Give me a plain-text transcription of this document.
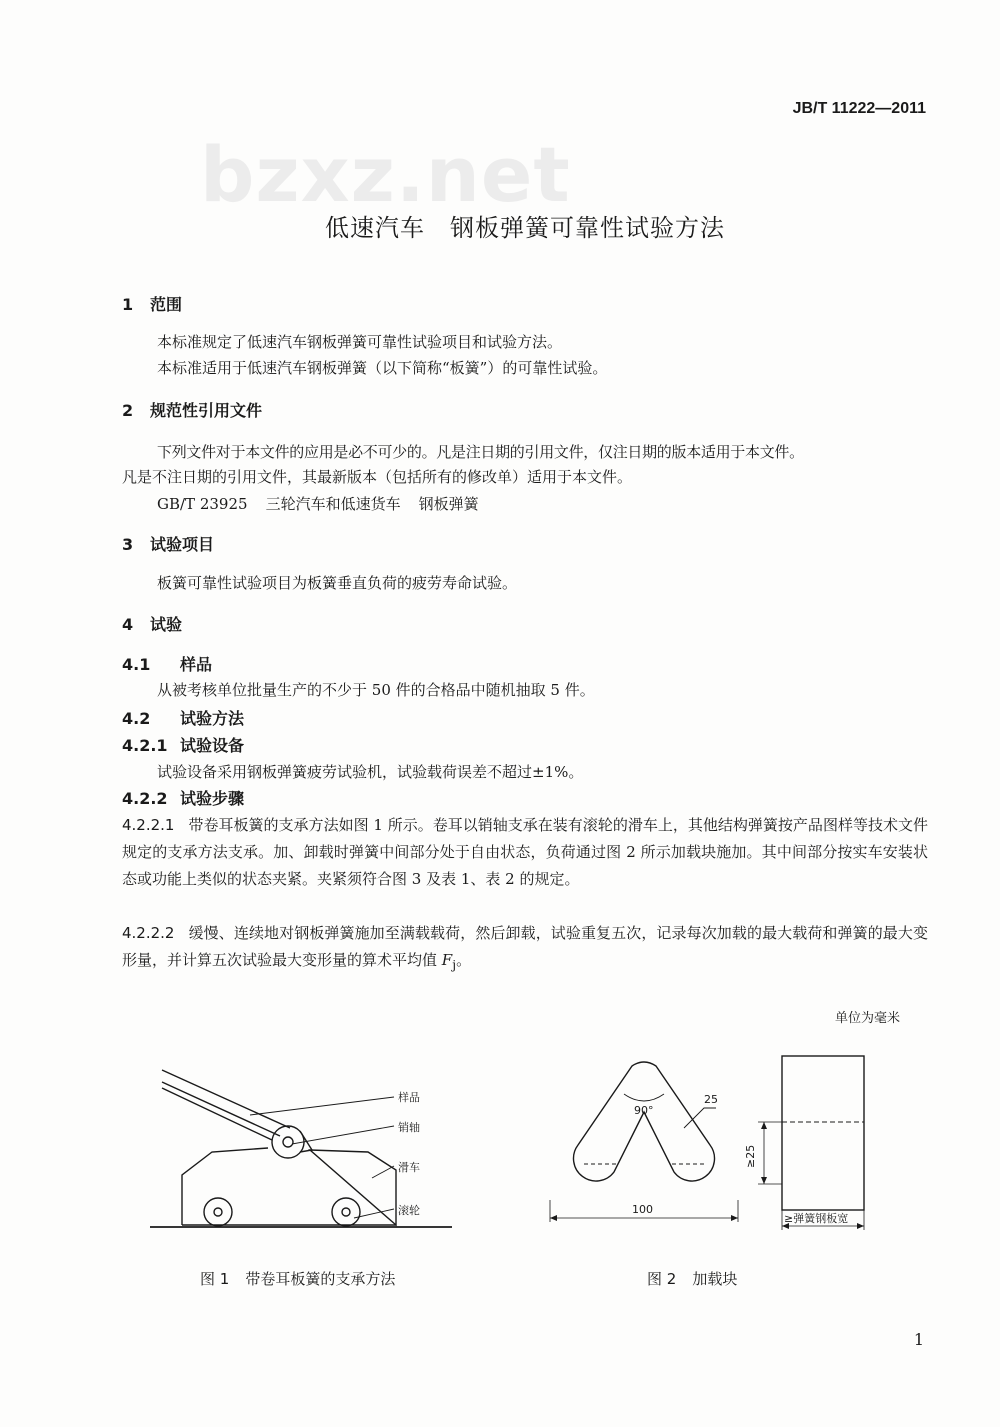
JB/T 11222—2011
bzxz.net
低速汽车　钢板弹簧可靠性试验方法
1 范围
本标准规定了低速汽车钢板弹簧可靠性试验项目和试验方法。
本标准适用于低速汽车钢板弹簧（以下简称“板簧”）的可靠性试验。
2 规范性引用文件
下列文件对于本文件的应用是必不可少的。凡是注日期的引用文件，仅注日期的版本适用于本文件。
凡是不注日期的引用文件，其最新版本（包括所有的修改单）适用于本文件。
GB/T 23925 三轮汽车和低速货车 钢板弹簧
3 试验项目
板簧可靠性试验项目为板簧垂直负荷的疲劳寿命试验。
4 试验
4.1 样品
从被考核单位批量生产的不少于 50 件的合格品中随机抽取 5 件。
4.2 试验方法
4.2.1 试验设备
试验设备采用钢板弹簧疲劳试验机，试验载荷误差不超过±1%。
4.2.2 试验步骤
4.2.2.1 带卷耳板簧的支承方法如图 1 所示。卷耳以销轴支承在装有滚轮的滑车上，其他结构弹簧按产品图样等技术文件规定的支承方法支承。加、卸载时弹簧中间部分处于自由状态，负荷通过图 2 所示加载块施加。其中间部分按实车安装状态或功能上类似的状态夹紧。夹紧须符合图 3 及表 1、表 2 的规定。
4.2.2.2 缓慢、连续地对钢板弹簧施加至满载载荷，然后卸载，试验重复五次，记录每次加载的最大载荷和弹簧的最大变形量，并计算五次试验最大变形量的算术平均值 $F_j$。
单位为毫米
样品
销轴
滑车
滚轮
90°
25
100
≥25
≥弹簧钢板宽
图 1 带卷耳板簧的支承方法	图 2 加载块
1
